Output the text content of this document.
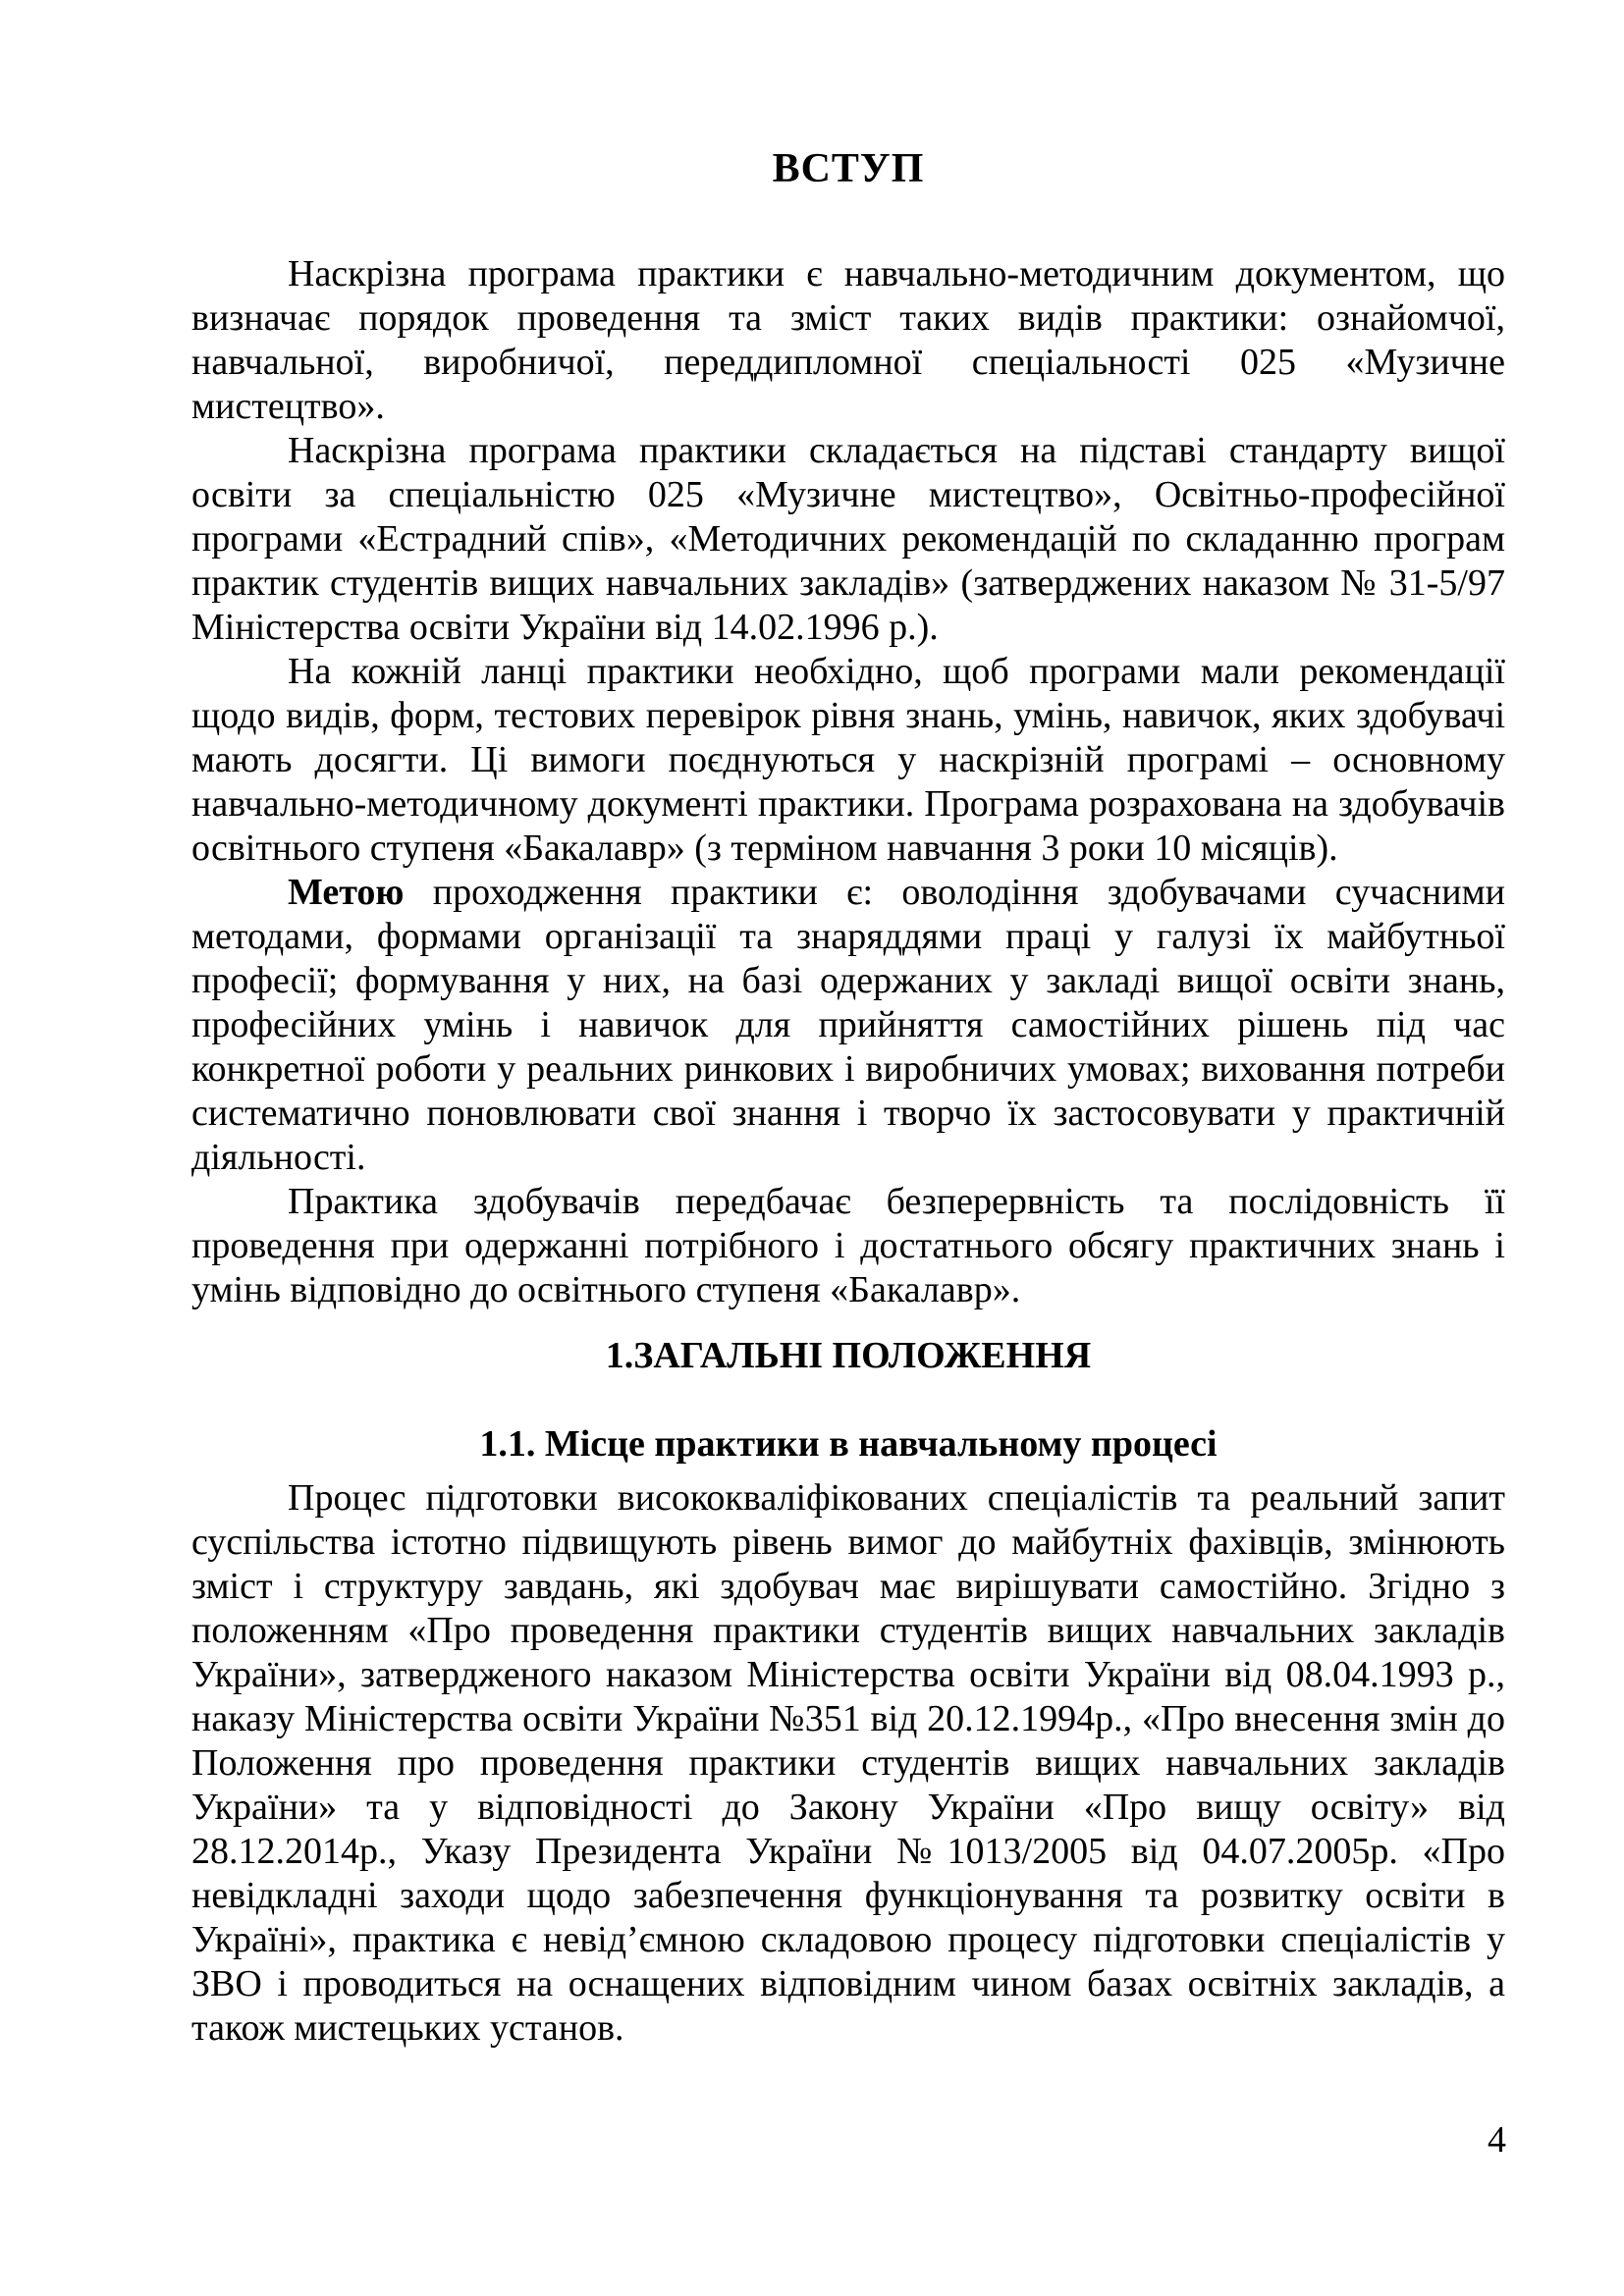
ВСТУП

Наскрізна програма практики є навчально-методичним документом, що визначає порядок проведення та зміст таких видів практики: ознайомчої, навчальної, виробничої, переддипломної спеціальності 025 «Музичне мистецтво».

Наскрізна програма практики складається на підставі стандарту вищої освіти за спеціальністю 025 «Музичне мистецтво», Освітньо-професійної програми «Естрадний спів», «Методичних рекомендацій по складанню програм практик студентів вищих навчальних закладів» (затверджених наказом № 31-5/97 Міністерства освіти України від 14.02.1996 р.).

На кожній ланці практики необхідно, щоб програми мали рекомендації щодо видів, форм, тестових перевірок рівня знань, умінь, навичок, яких здобувачі мають досягти. Ці вимоги поєднуються у наскрізній програмі – основному навчально-методичному документі практики. Програма розрахована на здобувачів освітнього ступеня «Бакалавр» (з терміном навчання 3 роки 10 місяців).

Метою проходження практики є: оволодіння здобувачами сучасними методами, формами організації та знаряддями праці у галузі їх майбутньої професії; формування у них, на базі одержаних у закладі вищої освіти знань, професійних умінь і навичок для прийняття самостійних рішень під час конкретної роботи у реальних ринкових і виробничих умовах; виховання потреби систематично поновлювати свої знання і творчо їх застосовувати у практичній діяльності.

Практика здобувачів передбачає безперервність та послідовність її проведення при одержанні потрібного і достатнього обсягу практичних знань і умінь відповідно до освітнього ступеня «Бакалавр».

1.ЗАГАЛЬНІ ПОЛОЖЕННЯ
1.1. Місце практики в навчальному процесі

Процес підготовки висококваліфікованих спеціалістів та реальний запит суспільства істотно підвищують рівень вимог до майбутніх фахівців, змінюють зміст і структуру завдань, які здобувач має вирішувати самостійно. Згідно з положенням «Про проведення практики студентів вищих навчальних закладів України», затвердженого наказом Міністерства освіти України від 08.04.1993 р., наказу Міністерства освіти України №351 від 20.12.1994р., «Про внесення змін до Положення про проведення практики студентів вищих навчальних закладів України» та у відповідності до Закону України «Про вищу освіту» від 28.12.2014р., Указу Президента України №1013/2005 від 04.07.2005р. «Про невідкладні заходи щодо забезпечення функціонування та розвитку освіти в Україні», практика є невід’ємною складовою процесу підготовки спеціалістів у ЗВО і проводиться на оснащених відповідним чином базах освітніх закладів, а також мистецьких установ.

4
